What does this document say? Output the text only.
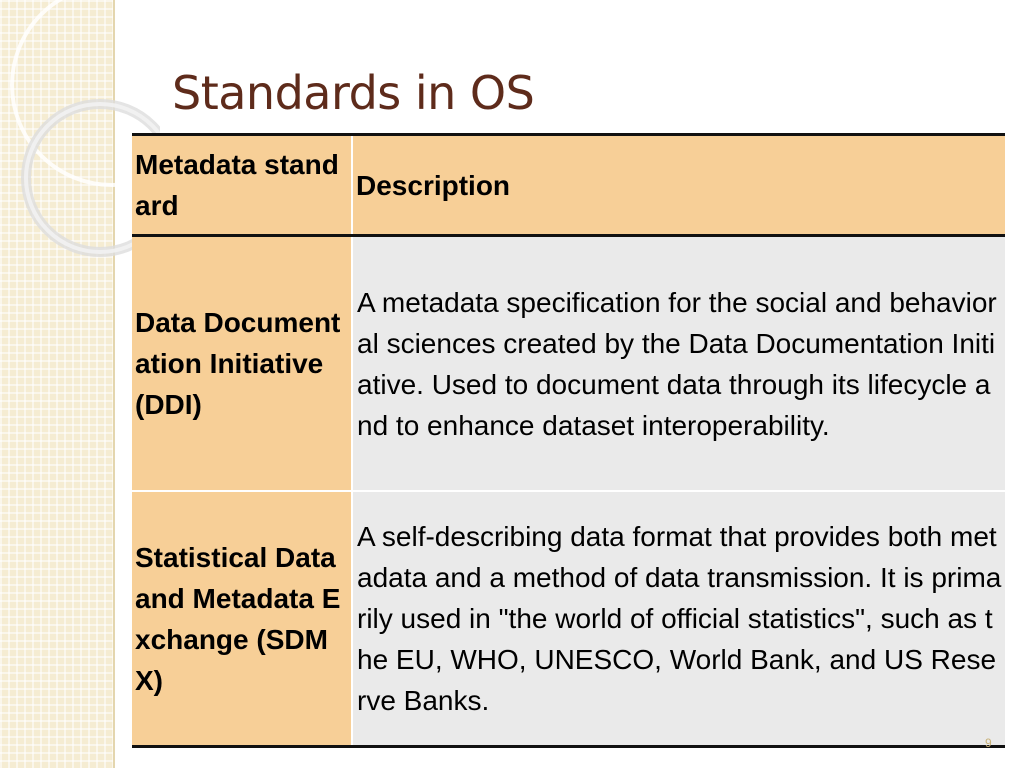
Standards in OS
Metadata standard	Description
Data Documentation Initiative (DDI)	A metadata specification for the social and behavioral sciences created by the Data Documentation Initiative. Used to document data through its lifecycle and to enhance dataset interoperability.
Statistical Data and Metadata Exchange (SDMX)	A self-describing data format that provides both metadata and a method of data transmission. It is primarily used in "the world of official statistics", such as the EU, WHO, UNESCO, World Bank, and US Reserve Banks.
9
